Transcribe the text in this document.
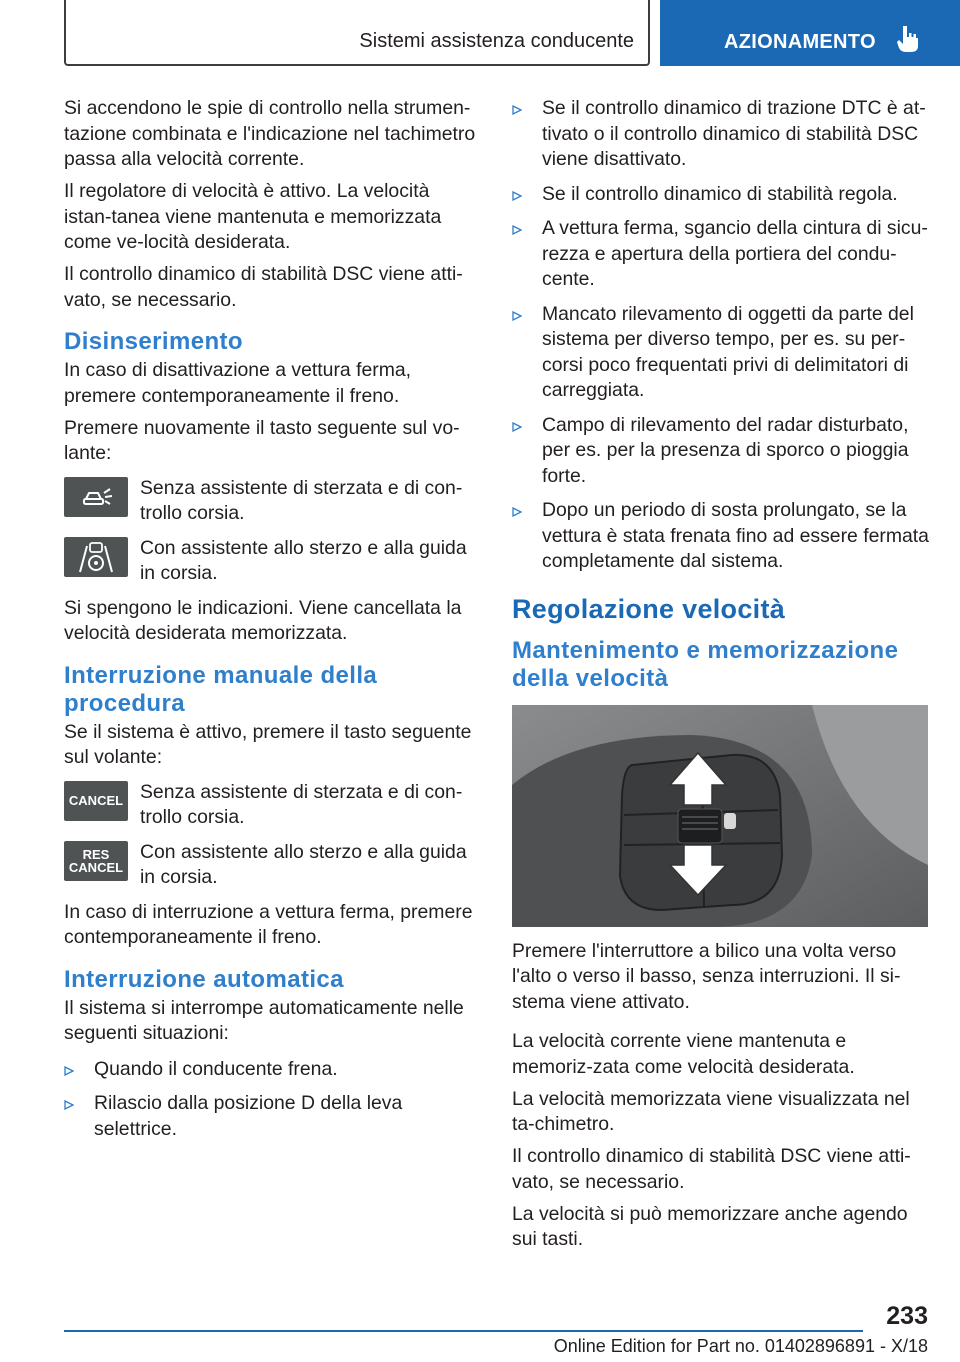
Sistemi assistenza conducente	AZIONAMENTO

Si accendono le spie di controllo nella strumen-tazione combinata e l'indicazione nel tachimetro passa alla velocità corrente.

Il regolatore di velocità è attivo. La velocità istan-tanea viene mantenuta e memorizzata come ve-locità desiderata.

Il controllo dinamico di stabilità DSC viene atti-vato, se necessario.

Disinserimento

In caso di disattivazione a vettura ferma, premere contemporaneamente il freno.

Premere nuovamente il tasto seguente sul vo-lante:

Senza assistente di sterzata e di con-trollo corsia.
Con assistente allo sterzo e alla guida in corsia.

Si spengono le indicazioni. Viene cancellata la velocità desiderata memorizzata.

Interruzione manuale della procedura

Se il sistema è attivo, premere il tasto seguente sul volante:

CANCEL Senza assistente di sterzata e di con-trollo corsia.
RES
CANCEL
Con assistente allo sterzo e alla guida in corsia.

In caso di interruzione a vettura ferma, premere contemporaneamente il freno.

Interruzione automatica

Il sistema si interrompe automaticamente nelle seguenti situazioni:

Quando il conducente frena.
Rilascio dalla posizione D della leva selettrice.
Se il controllo dinamico di trazione DTC è at-tivato o il controllo dinamico di stabilità DSC viene disattivato.
Se il controllo dinamico di stabilità regola.
A vettura ferma, sgancio della cintura di sicu-rezza e apertura della portiera del condu-cente.
Mancato rilevamento di oggetti da parte del sistema per diverso tempo, per es. su per-corsi poco frequentati privi di delimitatori di carreggiata.
Campo di rilevamento del radar disturbato, per es. per la presenza di sporco o pioggia forte.
Dopo un periodo di sosta prolungato, se la vettura è stata frenata fino ad essere fermata completamente dal sistema.
Regolazione velocità
Mantenimento e memorizzazione della velocità

Premere l'interruttore a bilico una volta verso l'alto o verso il basso, senza interruzioni. Il si-stema viene attivato.

La velocità corrente viene mantenuta e memoriz-zata come velocità desiderata.

La velocità memorizzata viene visualizzata nel ta-chimetro.

Il controllo dinamico di stabilità DSC viene atti-vato, se necessario.

La velocità si può memorizzare anche agendo sui tasti.

233
Online Edition for Part no. 01402896891 - X/18
